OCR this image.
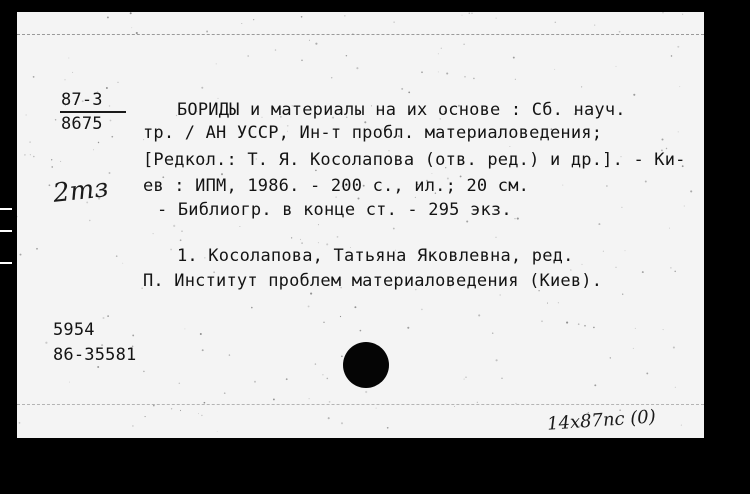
87-3
8675
2тз
БОРИДЫ и материалы на их основе : Сб. науч.
тр. / АН УССР, Ин-т пробл. материаловедения;
[Редкол.: Т. Я. Косолапова (отв. ред.) и др.]. - Ки-
ев : ИПМ, 1986. - 200 с., ил.; 20 см.
- Библиогр. в конце ст. - 295 экз.
1. Косолапова, Татьяна Яковлевна, ред.
П. Институт проблем материаловедения (Киев).
5954
86-35581
14х87пс (0)
